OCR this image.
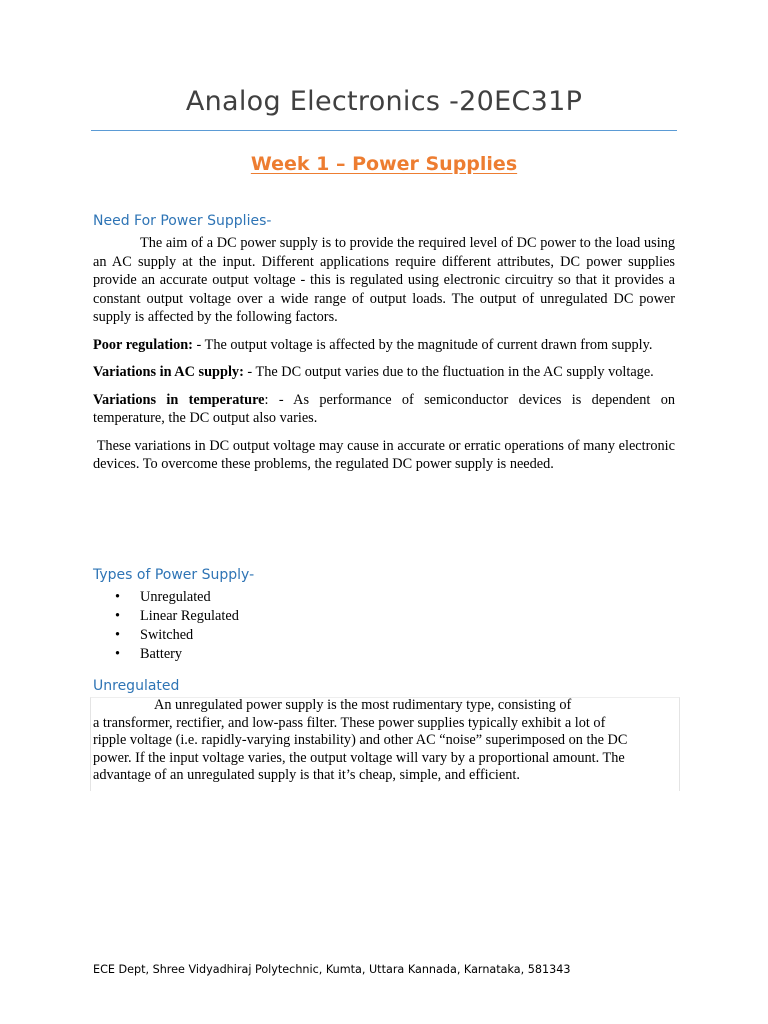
Analog Electronics -20EC31P
Week 1 – Power Supplies
Need For Power Supplies-

The aim of a DC power supply is to provide the required level of DC power to the load using an AC supply at the input. Different applications require different attributes, DC power supplies provide an accurate output voltage - this is regulated using electronic circuitry so that it provides a constant output voltage over a wide range of output loads. The output of unregulated DC power supply is affected by the following factors.

Poor regulation: - The output voltage is affected by the magnitude of current drawn from supply.

Variations in AC supply: - The DC output varies due to the fluctuation in the AC supply voltage.

Variations in temperature: - As performance of semiconductor devices is dependent on temperature, the DC output also varies.

These variations in DC output voltage may cause in accurate or erratic operations of many electronic devices. To overcome these problems, the regulated DC power supply is needed.

Types of Power Supply-
• Unregulated
• Linear Regulated
• Switched
• Battery
Unregulated

An unregulated power supply is the most rudimentary type, consisting of

a transformer, rectifier, and low-pass filter. These power supplies typically exhibit a lot of

ripple voltage (i.e. rapidly-varying instability) and other AC “noise” superimposed on the DC

power. If the input voltage varies, the output voltage will vary by a proportional amount. The

advantage of an unregulated supply is that it’s cheap, simple, and efficient.

ECE Dept, Shree Vidyadhiraj Polytechnic, Kumta, Uttara Kannada, Karnataka, 581343
